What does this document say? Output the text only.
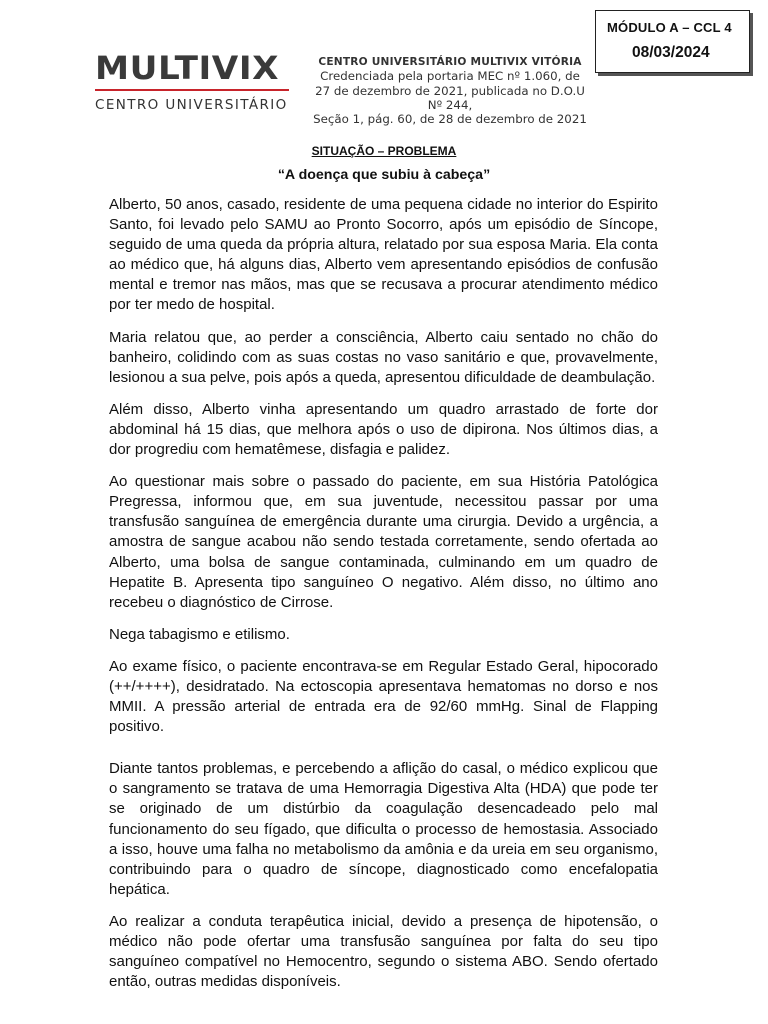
MÓDULO A – CCL 4
08/03/2024
MULTIVIX
CENTRO UNIVERSITÁRIO
CENTRO UNIVERSITÁRIO MULTIVIX VITÓRIA
Credenciada pela portaria MEC nº 1.060, de
27 de dezembro de 2021, publicada no D.O.U Nº 244,
Seção 1, pág. 60, de 28 de dezembro de 2021
SITUAÇÃO – PROBLEMA
“A doença que subiu à cabeça”

Alberto, 50 anos, casado, residente de uma pequena cidade no interior do Espirito Santo, foi levado pelo SAMU ao Pronto Socorro, após um episódio de Síncope, seguido de uma queda da própria altura, relatado por sua esposa Maria. Ela conta ao médico que, há alguns dias, Alberto vem apresentando episódios de confusão mental e tremor nas mãos, mas que se recusava a procurar atendimento médico por ter medo de hospital.

Maria relatou que, ao perder a consciência, Alberto caiu sentado no chão do banheiro, colidindo com as suas costas no vaso sanitário e que, provavelmente, lesionou a sua pelve, pois após a queda, apresentou dificuldade de deambulação.

Além disso, Alberto vinha apresentando um quadro arrastado de forte dor abdominal há 15 dias, que melhora após o uso de dipirona. Nos últimos dias, a dor progrediu com hematêmese, disfagia e palidez.

Ao questionar mais sobre o passado do paciente, em sua História Patológica Pregressa, informou que, em sua juventude, necessitou passar por uma transfusão sanguínea de emergência durante uma cirurgia. Devido a urgência, a amostra de sangue acabou não sendo testada corretamente, sendo ofertada ao Alberto, uma bolsa de sangue contaminada, culminando em um quadro de Hepatite B. Apresenta tipo sanguíneo O negativo. Além disso, no último ano recebeu o diagnóstico de Cirrose.

Nega tabagismo e etilismo.

Ao exame físico, o paciente encontrava-se em Regular Estado Geral, hipocorado (++/++++), desidratado. Na ectoscopia apresentava hematomas no dorso e nos MMII. A pressão arterial de entrada era de 92/60 mmHg. Sinal de Flapping positivo.

Diante tantos problemas, e percebendo a aflição do casal, o médico explicou que o sangramento se tratava de uma Hemorragia Digestiva Alta (HDA) que pode ter se originado de um distúrbio da coagulação desencadeado pelo mal funcionamento do seu fígado, que dificulta o processo de hemostasia. Associado a isso, houve uma falha no metabolismo da amônia e da ureia em seu organismo, contribuindo para o quadro de síncope, diagnosticado como encefalopatia hepática.

Ao realizar a conduta terapêutica inicial, devido a presença de hipotensão, o médico não pode ofertar uma transfusão sanguínea por falta do seu tipo sanguíneo compatível no Hemocentro, segundo o sistema ABO. Sendo ofertado então, outras medidas disponíveis.
